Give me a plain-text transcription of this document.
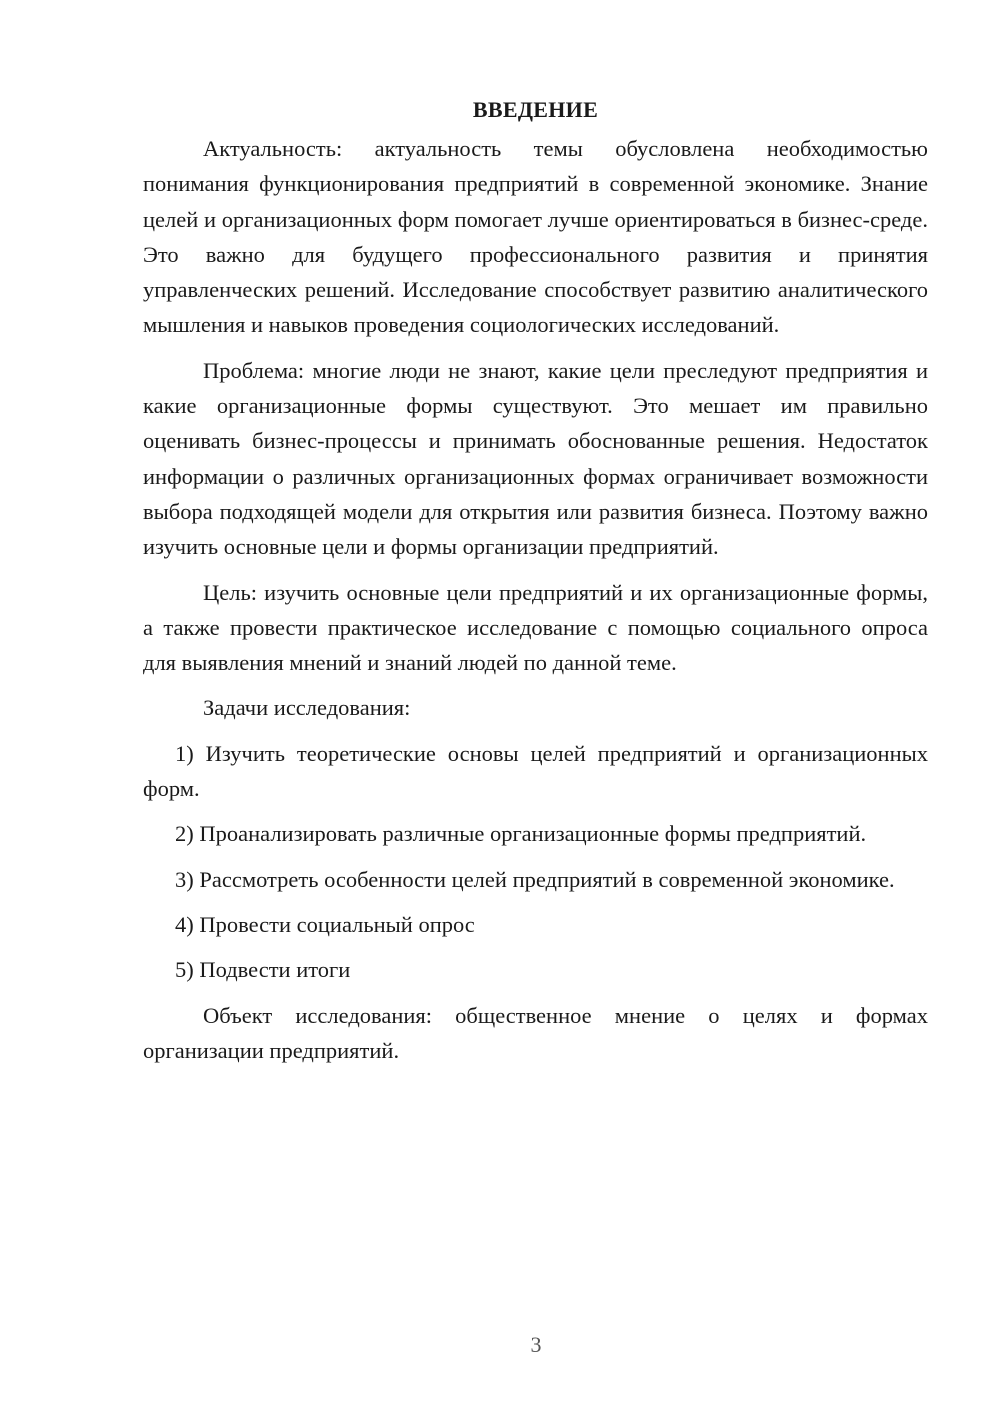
ВВЕДЕНИЕ

Актуальность: актуальность темы обусловлена необходимостью понимания функционирования предприятий в современной экономике. Знание целей и организационных форм помогает лучше ориентироваться в бизнес-среде. Это важно для будущего профессионального развития и принятия управленческих решений. Исследование способствует развитию аналитического мышления и навыков проведения социологических исследований.

Проблема: многие люди не знают, какие цели преследуют предприятия и какие организационные формы существуют. Это мешает им правильно оценивать бизнес-процессы и принимать обоснованные решения. Недостаток информации о различных организационных формах ограничивает возможности выбора подходящей модели для открытия или развития бизнеса. Поэтому важно изучить основные цели и формы организации предприятий.

Цель: изучить основные цели предприятий и их организационные формы, а также провести практическое исследование с помощью социального опроса для выявления мнений и знаний людей по данной теме.

Задачи исследования:

1) Изучить теоретические основы целей предприятий и организационных форм.

2) Проанализировать различные организационные формы предприятий.

3) Рассмотреть особенности целей предприятий в современной экономике.

4) Провести социальный опрос

5) Подвести итоги

Объект исследования: общественное мнение о целях и формах организации предприятий.

3
